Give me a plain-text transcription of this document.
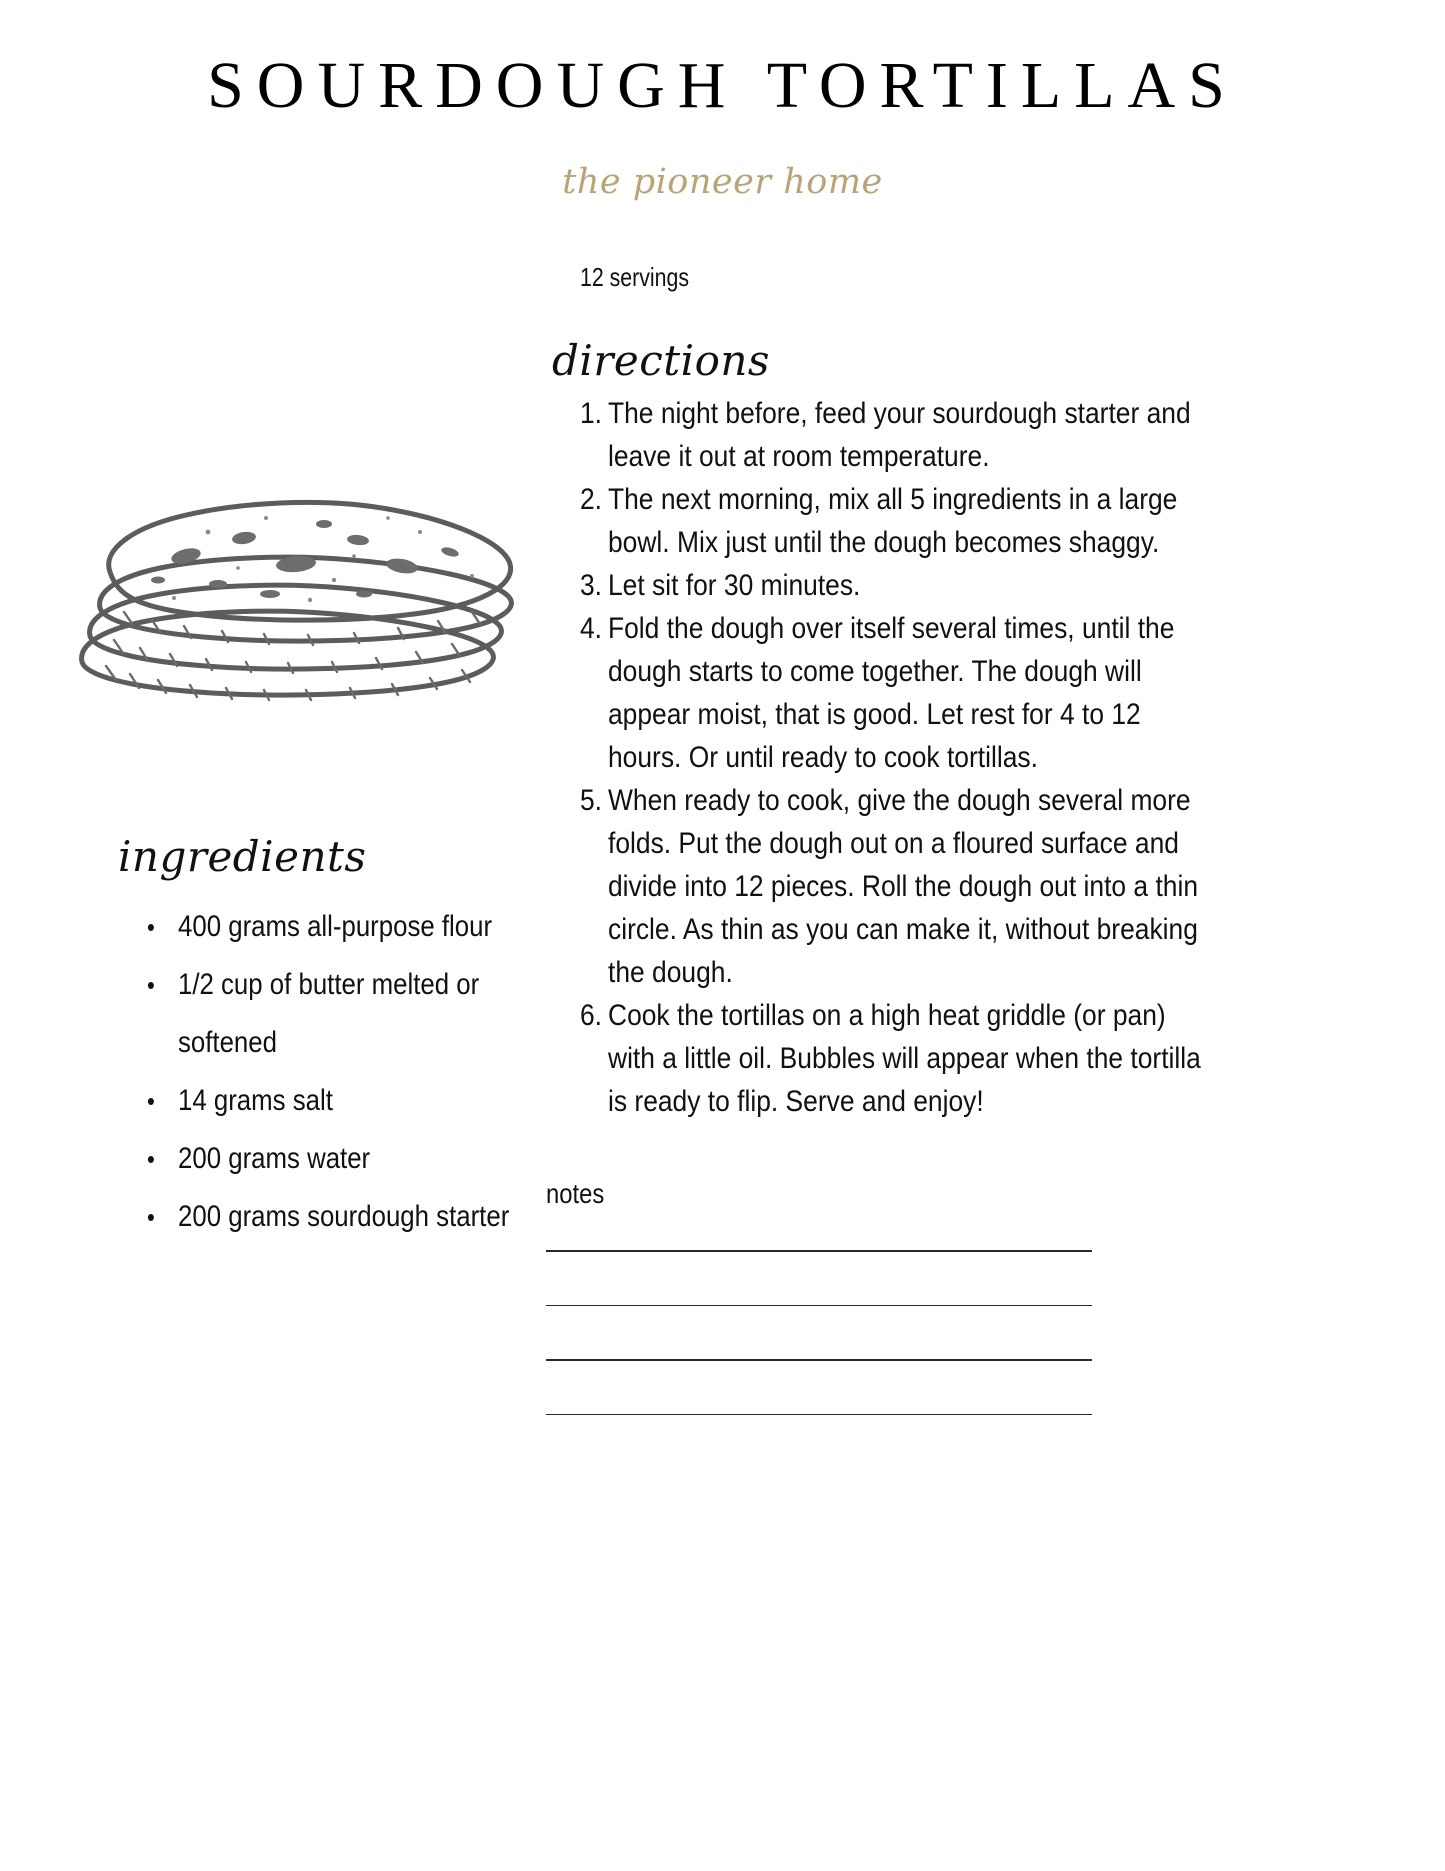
SOURDOUGH TORTILLAS
the pioneer home
12 servings
ingredients
• 400 grams all-purpose flour
• 1/2 cup of butter melted or softened
• 14 grams salt
• 200 grams water
• 200 grams sourdough starter
directions
The night before, feed your sourdough starter and leave it out at room temperature.
The next morning, mix all 5 ingredients in a large bowl. Mix just until the dough becomes shaggy.
Let sit for 30 minutes.
Fold the dough over itself several times, until the dough starts to come together. The dough will appear moist, that is good. Let rest for 4 to 12 hours. Or until ready to cook tortillas.
When ready to cook, give the dough several more folds. Put the dough out on a floured surface and divide into 12 pieces. Roll the dough out into a thin circle. As thin as you can make it, without breaking the dough.
Cook the tortillas on a high heat griddle (or pan) with a little oil. Bubbles will appear when the tortilla is ready to flip. Serve and enjoy!
notes
